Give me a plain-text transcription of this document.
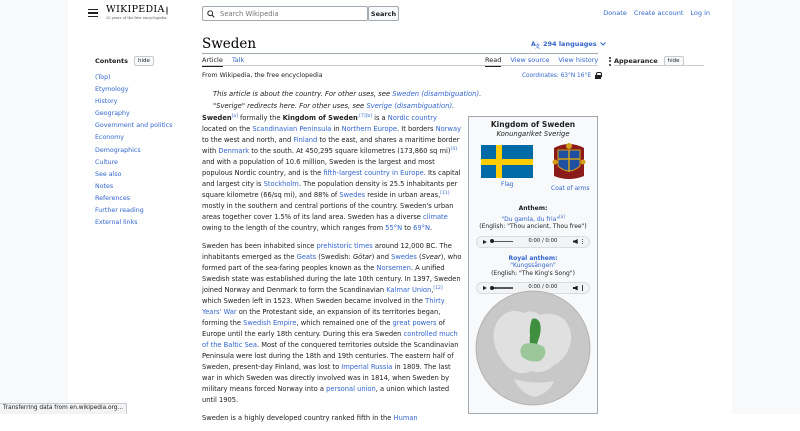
WIKIPEDIA
25 years of the free encyclopedia
Search Wikipedia
Search	Donate Create account Log in
Contents	hide
(Top)
Etymology
History
Geography
Government and politics
Economy
Demographics
Culture
See also
Notes
References
Further reading
External links
Sweden	A 文 294 languages
Article Talk	Read View source View history
From Wikipedia, the free encyclopedia	Coordinates: 63°N 16°E
This article is about the country. For other uses, see Sweden (disambiguation).
"Sverige" redirects here. For other uses, see Sverige (disambiguation).

Sweden[a] formally the Kingdom of Sweden$^{,[7][b]}$ is a Nordic country located on the Scandinavian Peninsula in Northern Europe. It borders Norway to the west and north, and Finland to the east, and shares a maritime border with Denmark to the south. At 450,295 square kilometres (173,860 sq mi)[4] and with a population of 10.6 million, Sweden is the largest and most populous Nordic country, and is the fifth-largest country in Europe. Its capital and largest city is Stockholm. The population density is 25.5 inhabitants per square kilometre (66/sq mi), and 88% of Swedes reside in urban areas,[11] mostly in the southern and central portions of the country. Sweden's urban areas together cover 1.5% of its land area. Sweden has a diverse climate owing to the length of the country, which ranges from 55°N to 69°N.

Sweden has been inhabited since prehistoric times around 12,000 BC. The inhabitants emerged as the Geats (Swedish: Götar) and Swedes (Svear), who formed part of the sea-faring peoples known as the Norsemen. A unified Swedish state was established during the late 10th century. In 1397, Sweden joined Norway and Denmark to form the Scandinavian Kalmar Union,[12] which Sweden left in 1523. When Sweden became involved in the Thirty Years' War on the Protestant side, an expansion of its territories began, forming the Swedish Empire, which remained one of the great powers of Europe until the early 18th century. During this era Sweden controlled much of the Baltic Sea. Most of the conquered territories outside the Scandinavian Peninsula were lost during the 18th and 19th centuries. The eastern half of Sweden, present-day Finland, was lost to Imperial Russia in 1809. The last war in which Sweden was directly involved was in 1814, when Sweden by military means forced Norway into a personal union, a union which lasted until 1905.

Sweden is a highly developed country ranked fifth in the Human

Kingdom of Sweden
Konungariket Sverige
Flag
Coat of arms
Anthem:
"Du gamla, du fria"[a]
(English: "Thou ancient, Thou free")
0:00 / 0:00
Royal anthem:
"Kungssången"
(English: "The King's Song")
0:00 / 0:00
Appearance	hide
Transferring data from en.wikipedia.org...
